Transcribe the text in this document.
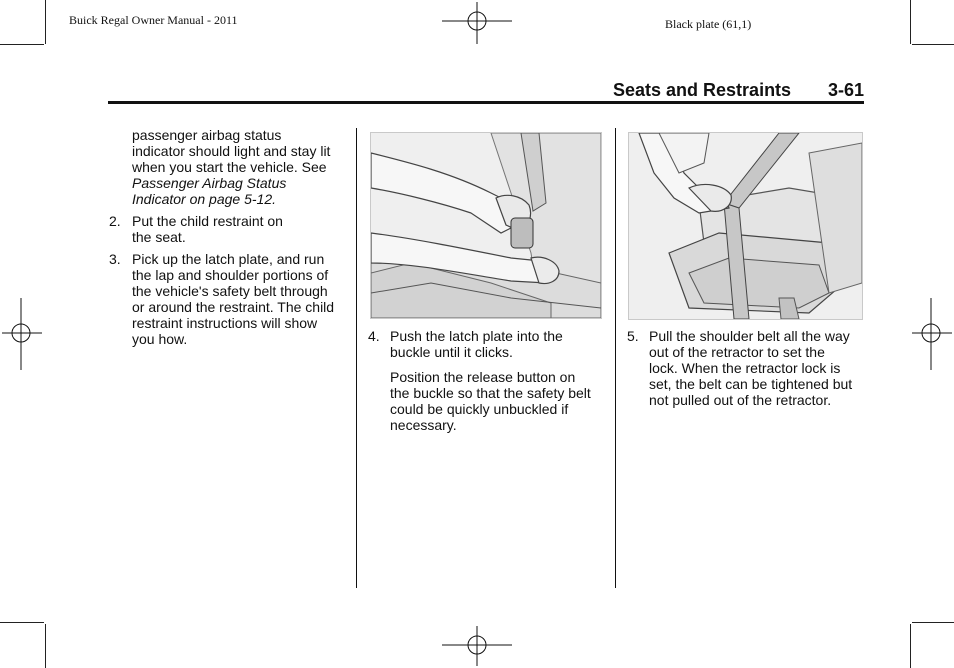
Buick Regal Owner Manual - 2011	Black plate (61,1)
Seats and Restraints 3-61

passenger airbag status

indicator should light and stay lit

when you start the vehicle. See

Passenger Airbag Status

Indicator on page 5-12.

2. Put the child restraint on

the seat.

3. Pick up the latch plate, and run

the lap and shoulder portions of

the vehicle's safety belt through

or around the restraint. The child

restraint instructions will show

you how.	4. Push the latch plate into the

buckle until it clicks.

Position the release button on

the buckle so that the safety belt

could be quickly unbuckled if

necessary.

5. Pull the shoulder belt all the way

out of the retractor to set the

lock. When the retractor lock is

set, the belt can be tightened but

not pulled out of the retractor.
